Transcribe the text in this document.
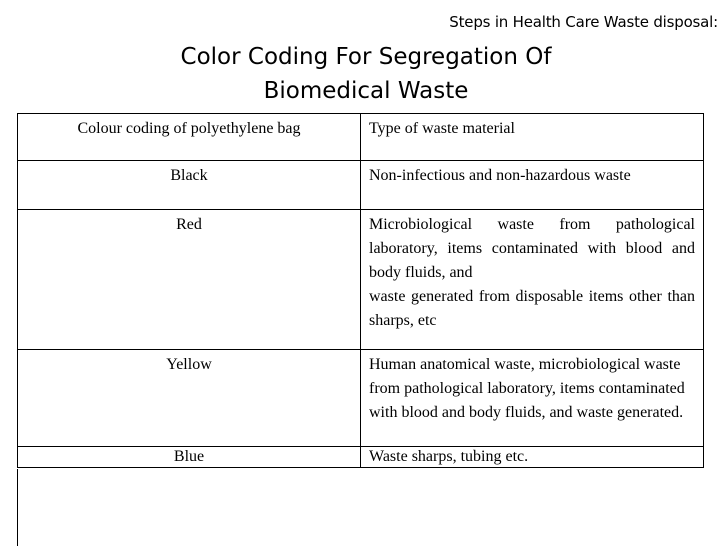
Steps in Health Care Waste disposal:
Color Coding For Segregation Of
Biomedical Waste
Colour coding of polyethylene bag	Type of waste material
Black	Non-infectious and non-hazardous waste
Red	Microbiological waste from pathological laboratory, items contaminated with blood and body fluids, and
waste generated from disposable items other than sharps, etc

Yellow	Human anatomical waste, microbiological waste from pathological laboratory, items contaminated with blood and body fluids, and waste generated.
Blue	Waste sharps, tubing etc.
